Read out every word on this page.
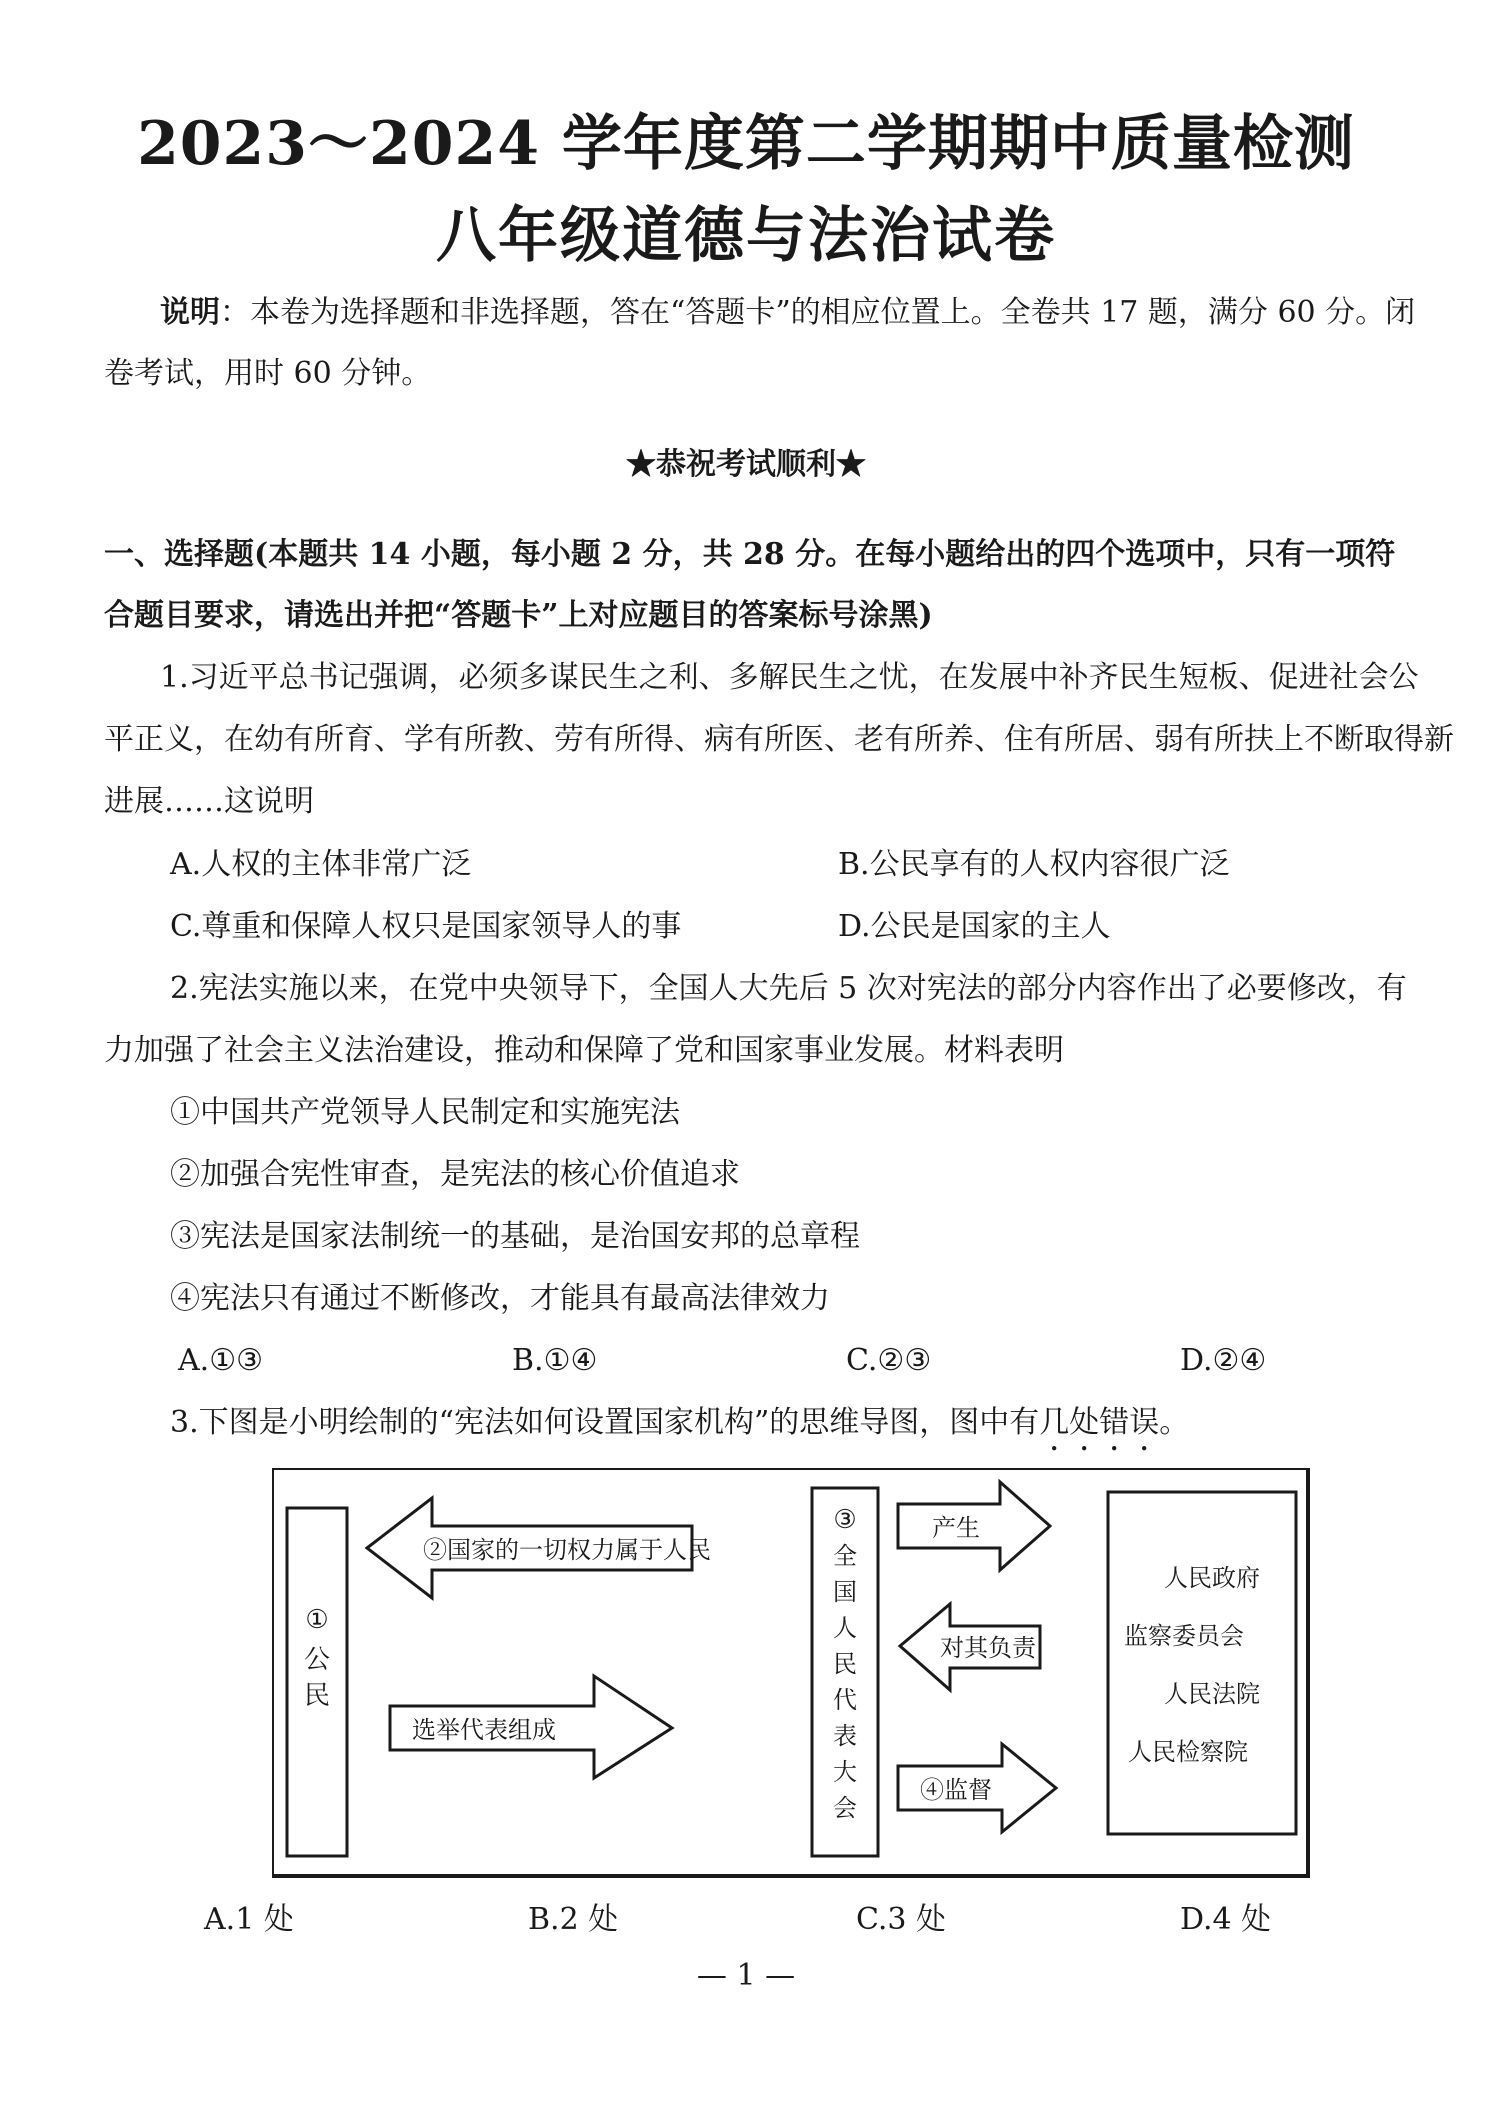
2023～2024 学年度第二学期期中质量检测
八年级道德与法治试卷
说明：本卷为选择题和非选择题，答在“答题卡”的相应位置上。全卷共 17 题，满分 60 分。闭
卷考试，用时 60 分钟。
★恭祝考试顺利★
一、选择题(本题共 14 小题，每小题 2 分，共 28 分。在每小题给出的四个选项中，只有一项符
合题目要求，请选出并把“答题卡”上对应题目的答案标号涂黑)
1.习近平总书记强调，必须多谋民生之利、多解民生之忧，在发展中补齐民生短板、促进社会公
平正义，在幼有所育、学有所教、劳有所得、病有所医、老有所养、住有所居、弱有所扶上不断取得新
进展……这说明
A.人权的主体非常广泛	B.公民享有的人权内容很广泛
C.尊重和保障人权只是国家领导人的事	D.公民是国家的主人
2.宪法实施以来，在党中央领导下，全国人大先后 5 次对宪法的部分内容作出了必要修改，有
力加强了社会主义法治建设，推动和保障了党和国家事业发展。材料表明
①中国共产党领导人民制定和实施宪法
②加强合宪性审查，是宪法的核心价值追求
③宪法是国家法制统一的基础，是治国安邦的总章程
④宪法只有通过不断修改，才能具有最高法律效力
A.①③	B.①④	C.②③	D.②④
3.下图是小明绘制的“宪法如何设置国家机构”的思维导图，图中有几处错误。
①
公
民
②国家的一切权力属于人民
选举代表组成
③
全
国
人
民
代
表
大
会
产生
对其负责
④监督
人民政府
监察委员会
人民法院
人民检察院
A.1 处	B.2 处	C.3 处	D.4 处
— 1 —
